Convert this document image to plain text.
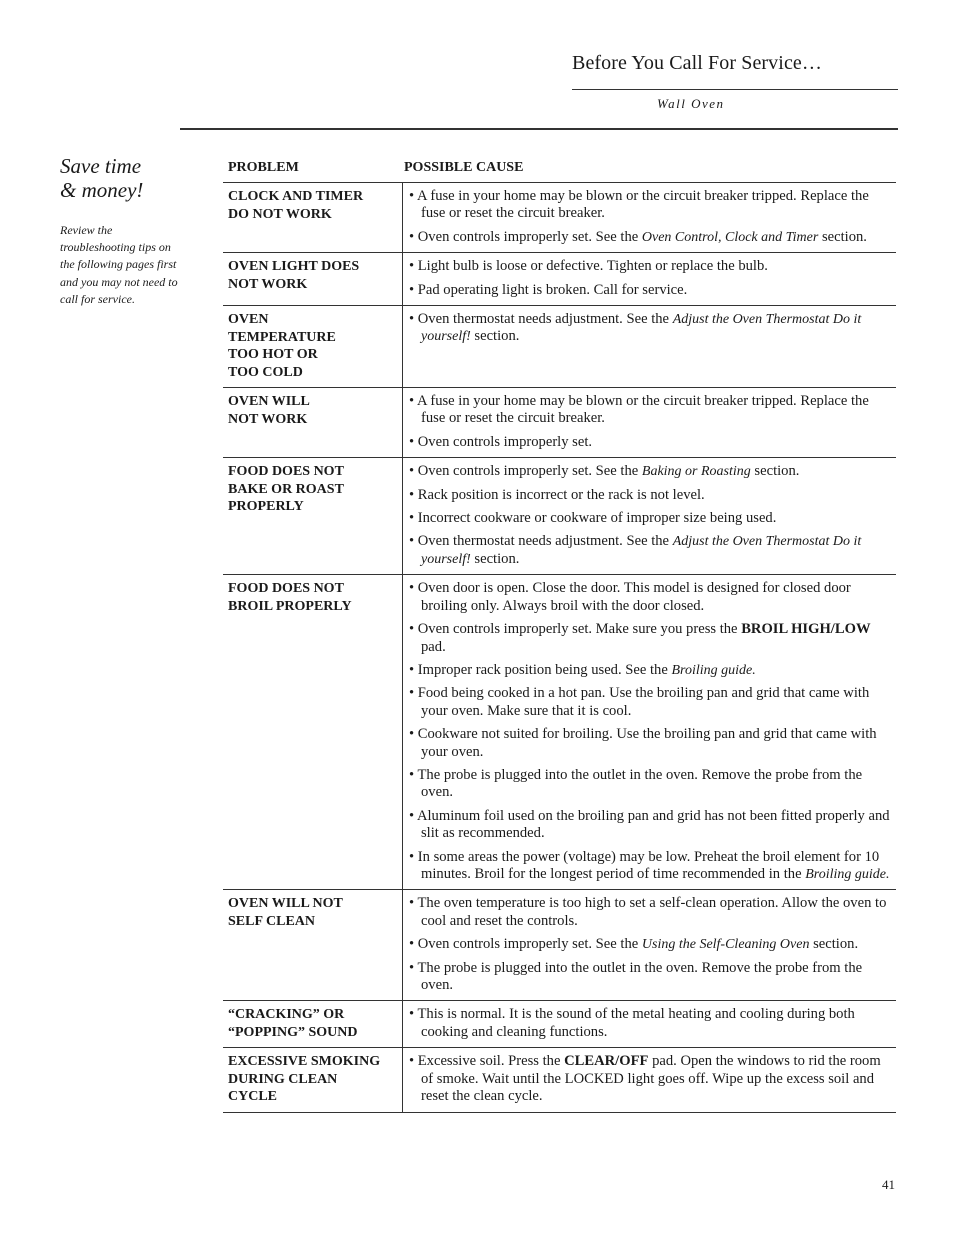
Before You Call For Service…
Wall Oven
Save time
& money!
Review the troubleshooting tips on the following pages first and you may not need to call for service.
PROBLEM	POSSIBLE CAUSE
CLOCK AND TIMER
DO NOT WORK
• A fuse in your home may be blown or the circuit breaker tripped. Replace the fuse or reset the circuit breaker.
• Oven controls improperly set. See the Oven Control, Clock and Timer section.
OVEN LIGHT DOES
NOT WORK
• Light bulb is loose or defective. Tighten or replace the bulb.
• Pad operating light is broken. Call for service.
OVEN
TEMPERATURE
TOO HOT OR
TOO COLD
• Oven thermostat needs adjustment. See the Adjust the Oven Thermostat Do it yourself! section.
OVEN WILL
NOT WORK
• A fuse in your home may be blown or the circuit breaker tripped. Replace the fuse or reset the circuit breaker.
• Oven controls improperly set.
FOOD DOES NOT
BAKE OR ROAST
PROPERLY
• Oven controls improperly set. See the Baking or Roasting section.
• Rack position is incorrect or the rack is not level.
• Incorrect cookware or cookware of improper size being used.
• Oven thermostat needs adjustment. See the Adjust the Oven Thermostat Do it yourself! section.
FOOD DOES NOT
BROIL PROPERLY
• Oven door is open. Close the door. This model is designed for closed door broiling only. Always broil with the door closed.
• Oven controls improperly set. Make sure you press the BROIL HIGH/LOW pad.
• Improper rack position being used. See the Broiling guide.
• Food being cooked in a hot pan. Use the broiling pan and grid that came with your oven. Make sure that it is cool.
• Cookware not suited for broiling. Use the broiling pan and grid that came with your oven.
• The probe is plugged into the outlet in the oven. Remove the probe from the oven.
• Aluminum foil used on the broiling pan and grid has not been fitted properly and slit as recommended.
• In some areas the power (voltage) may be low. Preheat the broil element for 10 minutes. Broil for the longest period of time recommended in the Broiling guide.
OVEN WILL NOT
SELF CLEAN
• The oven temperature is too high to set a self-clean operation. Allow the oven to cool and reset the controls.
• Oven controls improperly set. See the Using the Self-Cleaning Oven section.
• The probe is plugged into the outlet in the oven. Remove the probe from the oven.
“CRACKING” OR
“POPPING” SOUND
• This is normal. It is the sound of the metal heating and cooling during both cooking and cleaning functions.
EXCESSIVE SMOKING
DURING CLEAN
CYCLE
• Excessive soil. Press the CLEAR/OFF pad. Open the windows to rid the room of smoke. Wait until the LOCKED light goes off. Wipe up the excess soil and reset the clean cycle.
41
